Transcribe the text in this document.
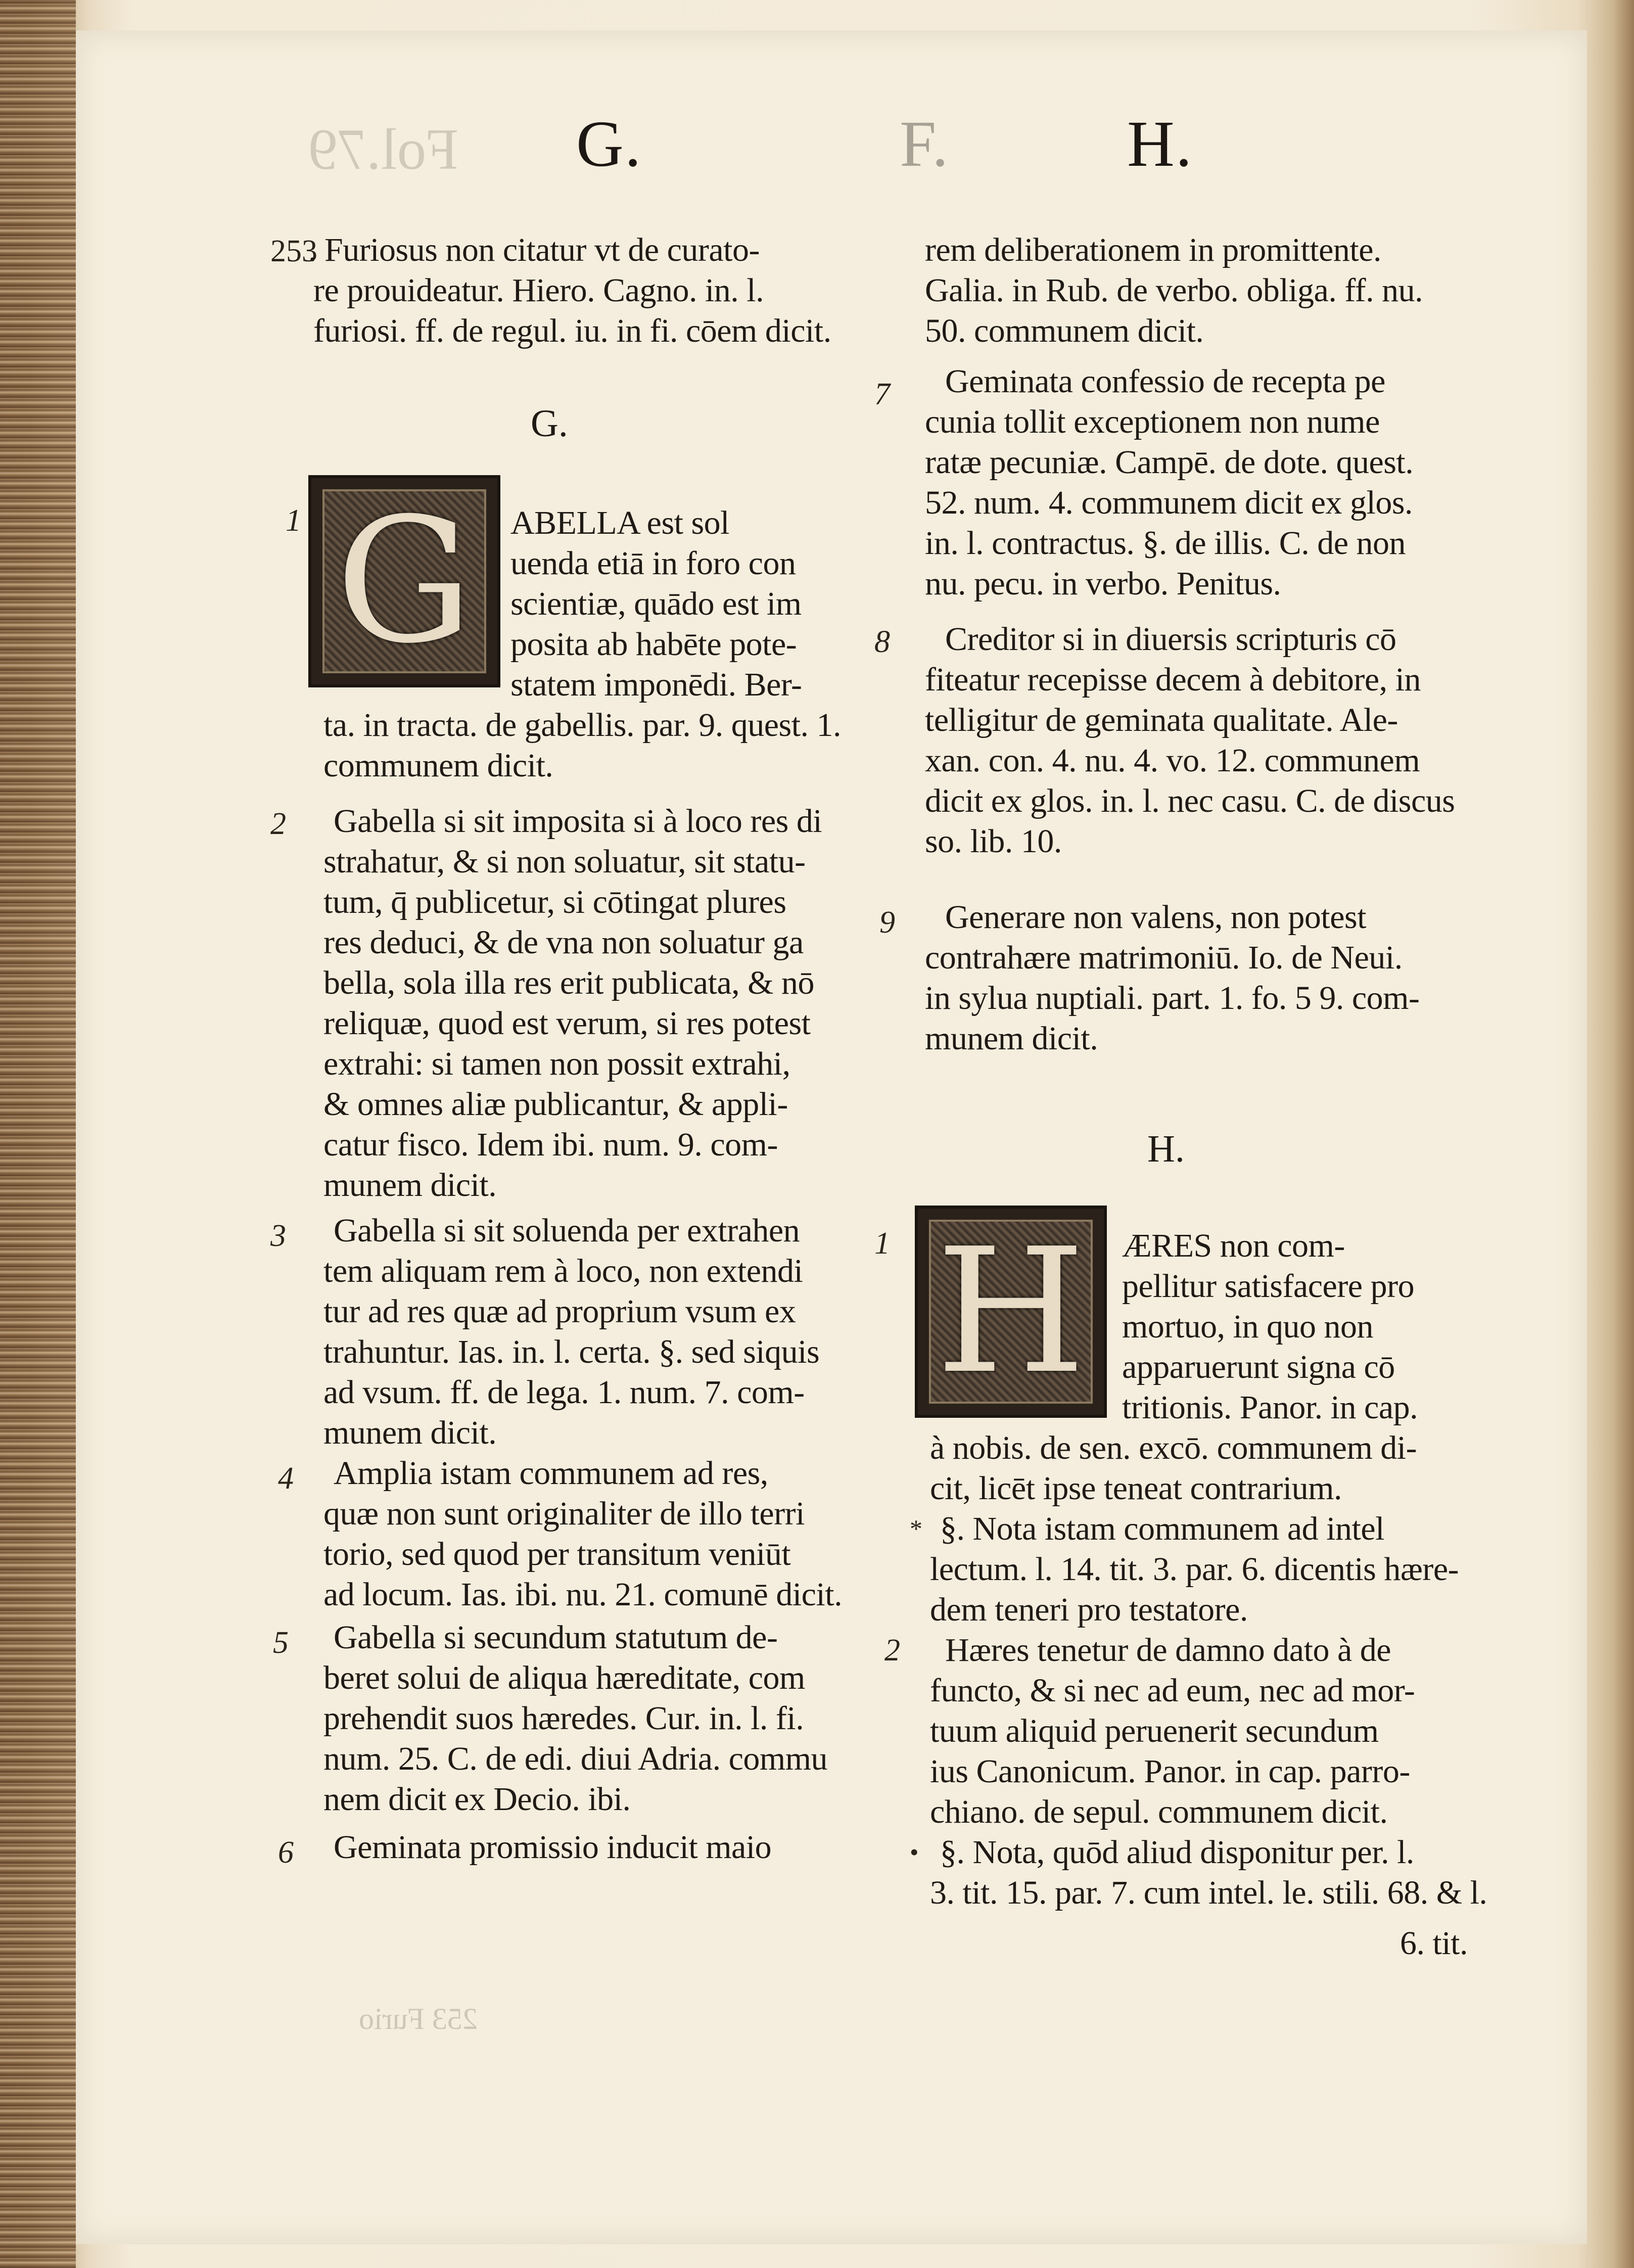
Fol.79
253 Furio
G.	F.	H.
253
. Furiosus non citatur vt de curato-
re prouideatur. Hiero. Cagno. in. l.
furiosi. ff. de regul. iu. in fi. cōem dicit.
G.
1 G	ABELLA est sol
uenda etiā in foro con
scientiæ, quādo est im
posita ab habēte pote-
statem imponēdi. Ber-
ta. in tracta. de gabellis. par. 9. quest. 1.
communem dicit.
2 Gabella si sit imposita si à loco res di
strahatur, & si non soluatur, sit statu-
tum, q̄ publicetur, si cōtingat plures
res deduci, & de vna non soluatur ga
bella, sola illa res erit publicata, & nō
reliquæ, quod est verum, si res potest
extrahi: si tamen non possit extrahi,
& omnes aliæ publicantur, & appli-
catur fisco. Idem ibi. num. 9. com-
munem dicit.
3 Gabella si sit soluenda per extrahen
tem aliquam rem à loco, non extendi
tur ad res quæ ad proprium vsum ex
trahuntur. Ias. in. l. certa. §. sed siquis
ad vsum. ff. de lega. 1. num. 7. com-
munem dicit.
4 Amplia istam communem ad res,
quæ non sunt originaliter de illo terri
torio, sed quod per transitum veniūt
ad locum. Ias. ibi. nu. 21. comunē dicit.
5 Gabella si secundum statutum de-
beret solui de aliqua hæreditate, com
prehendit suos hæredes. Cur. in. l. fi.
num. 25. C. de edi. diui Adria. commu
nem dicit ex Decio. ibi.
6 Geminata promissio inducit maio
rem deliberationem in promittente.
Galia. in Rub. de verbo. obliga. ff. nu.
50. communem dicit.
7 Geminata confessio de recepta pe
cunia tollit exceptionem non nume
ratæ pecuniæ. Campē. de dote. quest.
52. num. 4. communem dicit ex glos.
in. l. contractus. §. de illis. C. de non
nu. pecu. in verbo. Penitus.
8 Creditor si in diuersis scripturis cō
fiteatur recepisse decem à debitore, in
telligitur de geminata qualitate. Ale-
xan. con. 4. nu. 4. vo. 12. communem
dicit ex glos. in. l. nec casu. C. de discus
so. lib. 10.
9 Generare non valens, non potest
contrahære matrimoniū. Io. de Neui.
in sylua nuptiali. part. 1. fo. 5 9. com-
munem dicit.
H.
1 H	ÆRES non com-
pellitur satisfacere pro
mortuo, in quo non
apparuerunt signa cō
tritionis. Panor. in cap.
à nobis. de sen. excō. communem di-
cit, licēt ipse teneat contrarium.
* §. Nota istam communem ad intel
lectum. l. 14. tit. 3. par. 6. dicentis hære-
dem teneri pro testatore.
2 Hæres tenetur de damno dato à de
functo, & si nec ad eum, nec ad mor-
tuum aliquid peruenerit secundum
ius Canonicum. Panor. in cap. parro-
chiano. de sepul. communem dicit.
• §. Nota, quōd aliud disponitur per. l.
3. tit. 15. par. 7. cum intel. le. stili. 68. & l.
6. tit.
